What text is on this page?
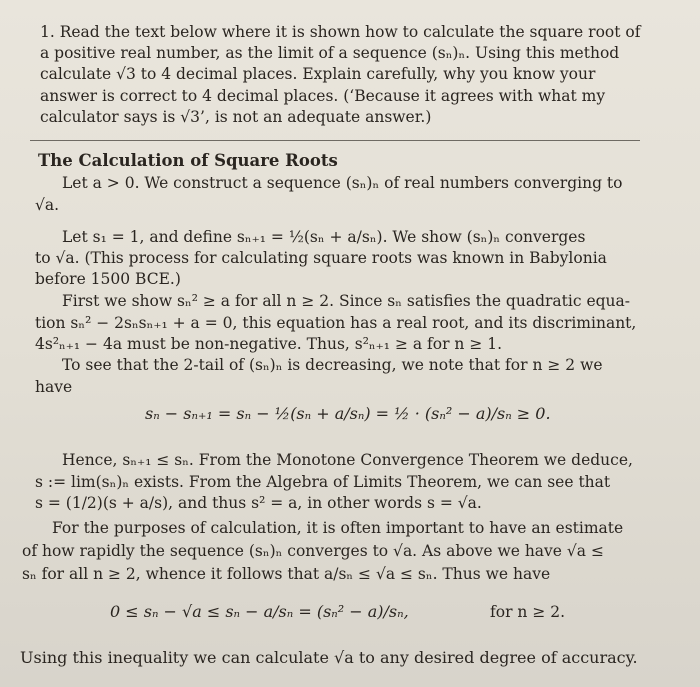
1. Read the text below where it is shown how to calculate the square root of
a positive real number, as the limit of a sequence (sₙ)ₙ. Using this method
calculate √3 to 4 decimal places. Explain carefully, why you know your
answer is correct to 4 decimal places. (‘Because it agrees with what my
calculator says is √3’, is not an adequate answer.)
The Calculation of Square Roots
Let a > 0. We construct a sequence (sₙ)ₙ of real numbers converging to
√a.
Let s₁ = 1, and define sₙ₊₁ = ½(sₙ + a/sₙ). We show (sₙ)ₙ converges
to √a. (This process for calculating square roots was known in Babylonia
before 1500 BCE.)
First we show sₙ² ≥ a for all n ≥ 2. Since sₙ satisfies the quadratic equa-
tion sₙ² − 2sₙsₙ₊₁ + a = 0, this equation has a real root, and its discriminant,
4s²ₙ₊₁ − 4a must be non-negative. Thus, s²ₙ₊₁ ≥ a for n ≥ 1.
To see that the 2-tail of (sₙ)ₙ is decreasing, we note that for n ≥ 2 we
have
sₙ − sₙ₊₁ = sₙ − ½(sₙ + a/sₙ) = ½ · (sₙ² − a)/sₙ ≥ 0.
Hence, sₙ₊₁ ≤ sₙ. From the Monotone Convergence Theorem we deduce,
s := lim(sₙ)ₙ exists. From the Algebra of Limits Theorem, we can see that
s = (1/2)(s + a/s), and thus s² = a, in other words s = √a.
For the purposes of calculation, it is often important to have an estimate
of how rapidly the sequence (sₙ)ₙ converges to √a. As above we have √a ≤
sₙ for all n ≥ 2, whence it follows that a/sₙ ≤ √a ≤ sₙ. Thus we have
0 ≤ sₙ − √a ≤ sₙ − a/sₙ = (sₙ² − a)/sₙ,	for n ≥ 2.
Using this inequality we can calculate √a to any desired degree of accuracy.
